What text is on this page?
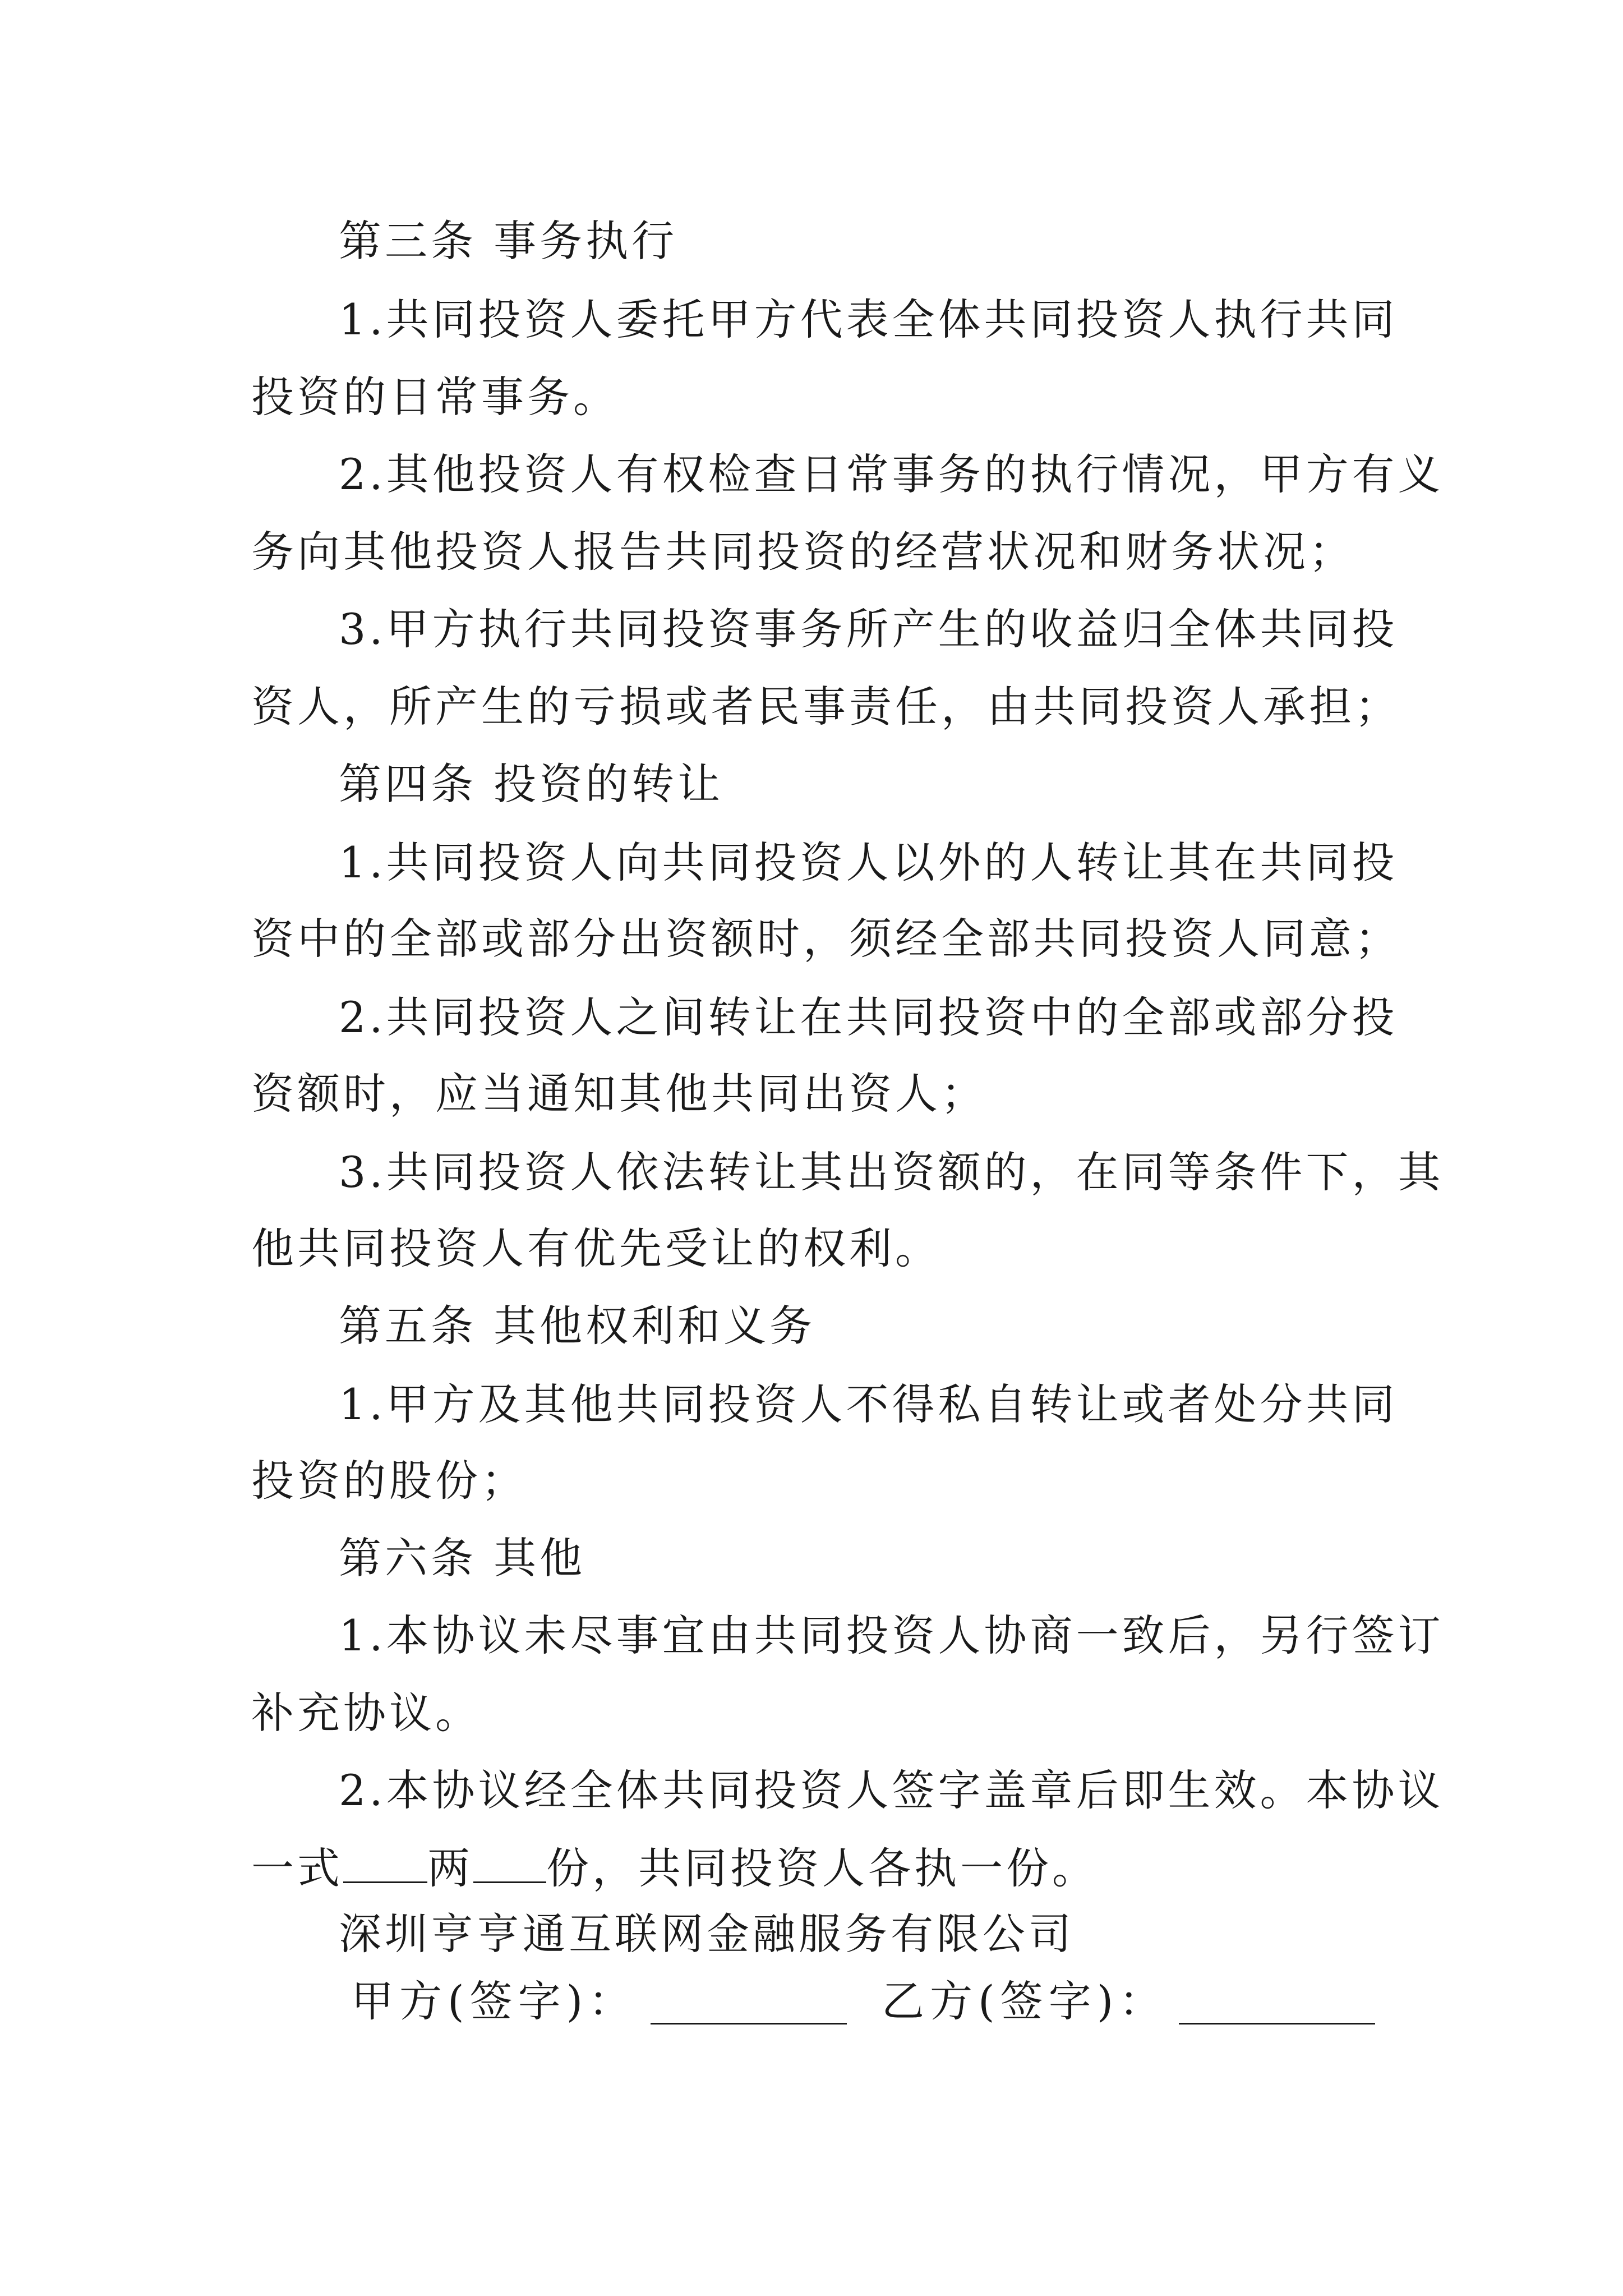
第三条 事务执行
1.共同投资人委托甲方代表全体共同投资人执行共同
投资的日常事务。
2.其他投资人有权检查日常事务的执行情况，甲方有义
务向其他投资人报告共同投资的经营状况和财务状况；
3.甲方执行共同投资事务所产生的收益归全体共同投
资人，所产生的亏损或者民事责任，由共同投资人承担；
第四条 投资的转让
1.共同投资人向共同投资人以外的人转让其在共同投
资中的全部或部分出资额时，须经全部共同投资人同意；
2.共同投资人之间转让在共同投资中的全部或部分投
资额时，应当通知其他共同出资人；
3.共同投资人依法转让其出资额的，在同等条件下，其
他共同投资人有优先受让的权利。
第五条 其他权利和义务
1.甲方及其他共同投资人不得私自转让或者处分共同
投资的股份；
第六条 其他
1.本协议未尽事宜由共同投资人协商一致后，另行签订
补充协议。
2.本协议经全体共同投资人签字盖章后即生效。本协议
一式 两 份，共同投资人各执一份。
深圳亨亨通互联网金融服务有限公司
甲方(签字)：	乙方(签字)：
